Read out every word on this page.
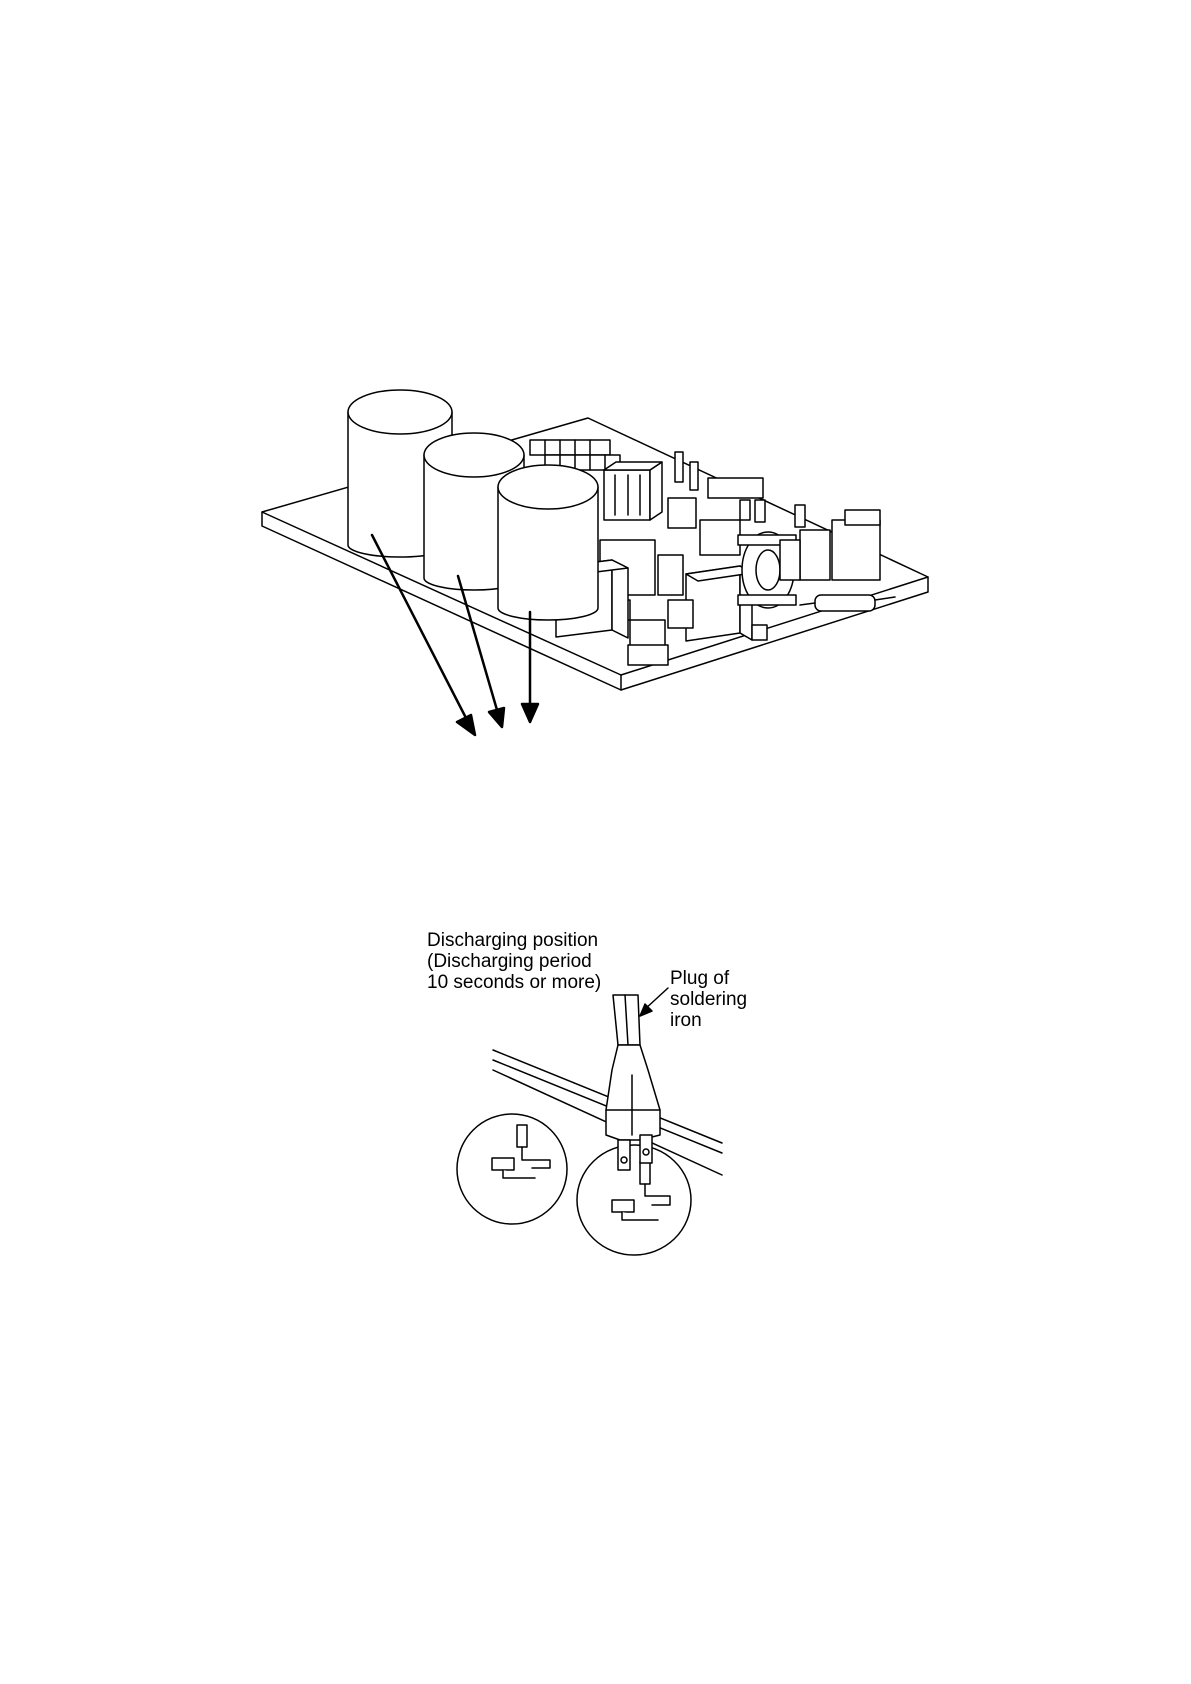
Discharging position
(Discharging period
10 seconds or more)	Plug of
soldering
iron
